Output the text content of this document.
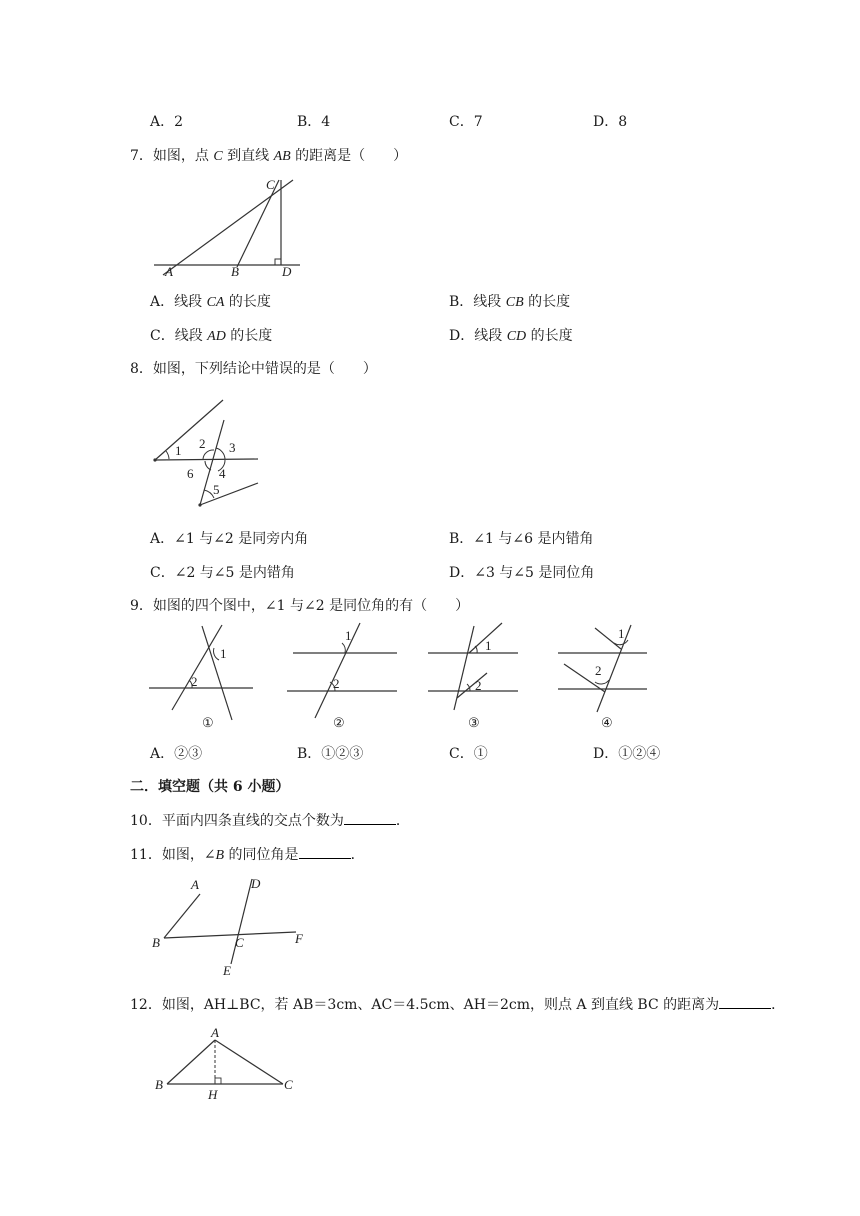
A．2	B．4	C．7	D．8
7．如图，点 C 到直线 AB 的距离是（　　）
C
A	B	D
A．线段 CA 的长度	B．线段 CB 的长度
C．线段 AD 的长度	D．线段 CD 的长度
8．如图，下列结论中错误的是（　　）
1 2 3
4
5
6
A．∠1 与∠2 是同旁内角	B．∠1 与∠6 是内错角
C．∠2 与∠5 是内错角	D．∠3 与∠5 是同位角
9．如图的四个图中，∠1 与∠2 是同位角的有（　　）
1
2
①
1
2
②
1
2
③
1
2
④
A．②③	B．①②③	C．①	D．①②④
二．填空题（共 6 小题）
10．平面内四条直线的交点个数为	．
11．如图，∠B 的同位角是	．
A	D
B	C	F
E
12．如图，AH⊥BC，若 AB＝3cm、AC＝4.5cm、AH＝2cm，则点 A 到直线 BC 的距离为	．
A
B
H
C
